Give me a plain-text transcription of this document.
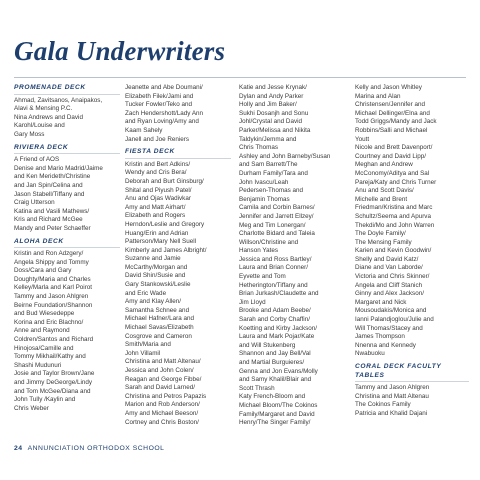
Gala Underwriters
PROMENADE DECK
Ahmad, Zavitsanos, Anaipakos,
Alavi & Mensing P.C.
Nina Andrews and David
Karohl/Louise and
Gary Moss
RIVIERA DECK
A Friend of AOS
Denise and Mario Madrid/Jaime
and Ken Merideth/Christine
and Jan Spin/Celina and
Jason Stabell/Tiffany and
Craig Utterson
Katina and Vasili Mathews/
Kris and Richard McGee
Mandy and Peter Schaeffer
ALOHA DECK
Kristin and Ron Adzgery/
Angela Shippy and Tommy
Doss/Cara and Gary
Doughty/Maria and Charles
Kelley/Marla and Karl Poirot
Tammy and Jason Ahlgren
Beirne Foundation/Shannon
and Bud Wiesedeppe
Korina and Eric Blachno/
Anne and Raymond
Coldren/Santos and Richard
Hinojosa/Camille and
Tommy Mikhail/Kathy and
Shashi Mudunuri
Josie and Taylor Brown/Jane
and Jimmy DeGeorge/Lindy
and Tom McGee/Diana and
John Tully /Kaylin and
Chris Weber
Jeanette and Abe Doumani/
Elizabeth Filek/Jami and
Tucker Fowler/Teko and
Zach Hendershott/Lady Ann
and Ryan Loving/Amy and
Kaam Sahely
Janell and Joe Reniers
FIESTA DECK
Kristin and Bert Adkins/
Wendy and Cris Bera/
Deborah and Burt Ginsburg/
Shital and Piyush Patel/
Anu and Ojas Wadivkar
Amy and Matt Airhart/
Elizabeth and Rogers
Herndon/Leslie and Gregory
Huang/Erin and Adrian
Patterson/Mary Nell Suell
Kimberly and James Albright/
Suzanne and Jamie
McCarthy/Morgan and
David Shin/Susie and
Gary Stankowski/Leslie
and Eric Wade
Amy and Klay Allen/
Samantha Schnee and
Michael Hafner/Lara and
Michael Savas/Elizabeth
Cosgrove and Cameron
Smith/Maria and
John Villamil
Christina and Matt Altenau/
Jessica and John Colen/
Reagan and George Fibbe/
Sarah and David Larned/
Christina and Petros Papazis
Marion and Rob Anderson/
Amy and Michael Beeson/
Cortney and Chris Boston/
Katie and Jesse Krynak/
Dylan and Andy Parker
Holly and Jim Baker/
Sukhi Dosanjh and Sonu
Johl/Crystal and David
Parker/Melissa and Nikita
Taldykin/Jemma and
Chris Thomas
Ashley and John Barneby/Susan
and Sam Barrett/The
Durham Family/Tara and
John Ivascu/Leah
Pedersen-Thomas and
Benjamin Thomas
Camila and Corbin Barnes/
Jennifer and Jarrett Ellzey/
Meg and Tim Lonergan/
Charlotte Bidard and Taleia
Willson/Christine and
Hanson Yates
Jessica and Ross Bartley/
Laura and Brian Conner/
Eyvette and Tom
Hetherington/Tiffany and
Brian Jurkash/Claudette and
Jim Lloyd
Brooke and Adam Beebe/
Sarah and Corby Chaffin/
Koetting and Kirby Jackson/
Laura and Mark Pojar/Kate
and Will Stukenberg
Shannon and Jay Bell/Val
and Martial Burguieres/
Genna and Jon Evans/Molly
and Samy Khalil/Blair and
Scott Thrash
Katy French-Bloom and
Michael Bloom/The Cokinos
Family/Margaret and David
Henry/The Singer Family/
Kelly and Jason Whitley
Marina and Alan
Christensen/Jennifer and
Michael Dellinger/Elna and
Todd Griggs/Mandy and Jack
Robbins/Salli and Michael
Youtt
Nicole and Brett Davenport/
Courtney and David Lipp/
Meghan and Andrew
McConomy/Aditya and Sal
Pareja/Katy and Chris Turner
Anu and Scott Davis/
Michelle and Brent
Friedman/Kristina and Marc
Schultz/Seema and Apurva
Thekdi/Mo and John Warren
The Doyle Family/
The Mensing Family
Karien and Kevin Goodwin/
Shelly and David Katz/
Diane and Van Laborde/
Victoria and Chris Skinner/
Angela and Cliff Stanich
Ginny and Alex Jackson/
Margaret and Nick
Mousoudakis/Monica and
Ianni Palandjoglou/Julie and
Will Thomas/Stacey and
James Thompson
Nnenna and Kennedy
Nwabuoku
CORAL DECK FACULTY TABLES
Tammy and Jason Ahlgren
Christina and Matt Altenau
The Cokinos Family
Patricia and Khalid Dajani
24 ANNUNCIATION ORTHODOX SCHOOL
